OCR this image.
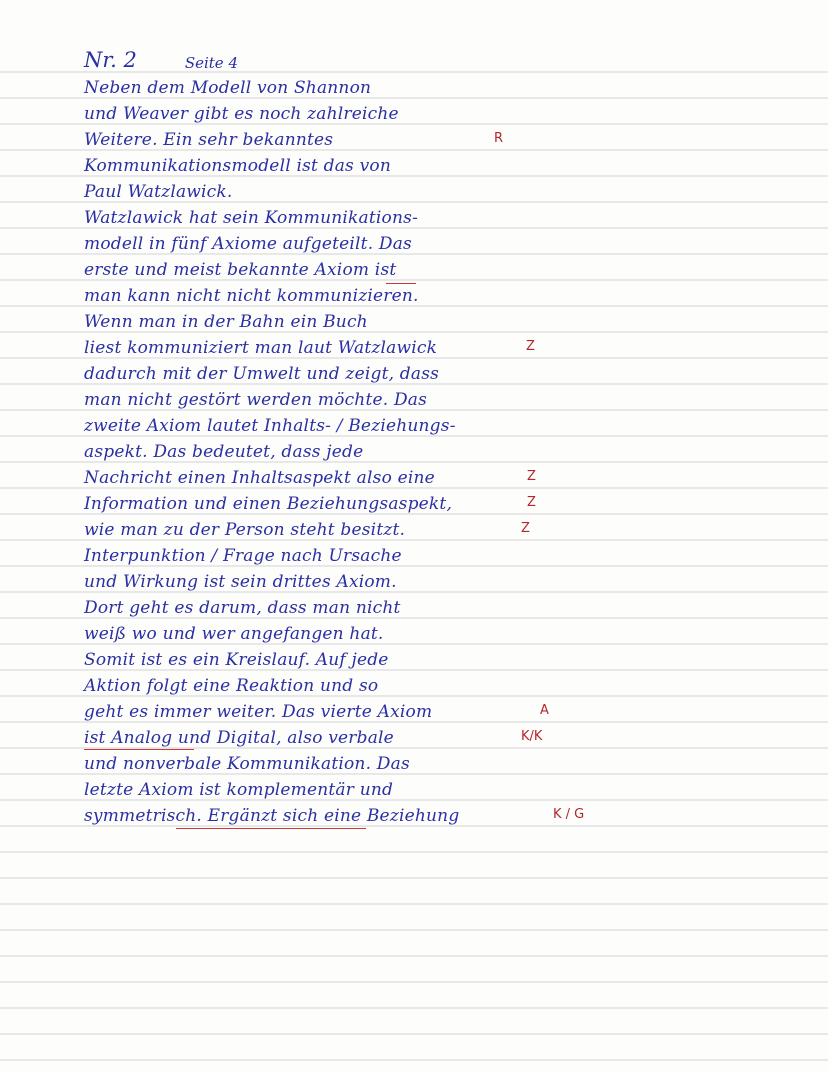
Nr. 2	Seite 4
Neben dem Modell von Shannon
und Weaver gibt es noch zahlreiche
Weitere. Ein sehr bekanntes
Kommunikationsmodell ist das von
Paul Watzlawick.
Watzlawick hat sein Kommunikations-
modell in fünf Axiome aufgeteilt. Das
erste und meist bekannte Axiom ist
man kann nicht nicht kommunizieren.
Wenn man in der Bahn ein Buch
liest kommuniziert man laut Watzlawick
dadurch mit der Umwelt und zeigt, dass
man nicht gestört werden möchte. Das
zweite Axiom lautet Inhalts- / Beziehungs-
aspekt. Das bedeutet, dass jede
Nachricht einen Inhaltsaspekt also eine
Information und einen Beziehungsaspekt,
wie man zu der Person steht besitzt.
Interpunktion / Frage nach Ursache
und Wirkung ist sein drittes Axiom.
Dort geht es darum, dass man nicht
weiß wo und wer angefangen hat.
Somit ist es ein Kreislauf. Auf jede
Aktion folgt eine Reaktion und so
geht es immer weiter. Das vierte Axiom
ist Analog und Digital, also verbale
und nonverbale Kommunikation. Das
letzte Axiom ist komplementär und
symmetrisch. Ergänzt sich eine Beziehung
R
Z
Z
Z
Z
A
K/K
K / G
